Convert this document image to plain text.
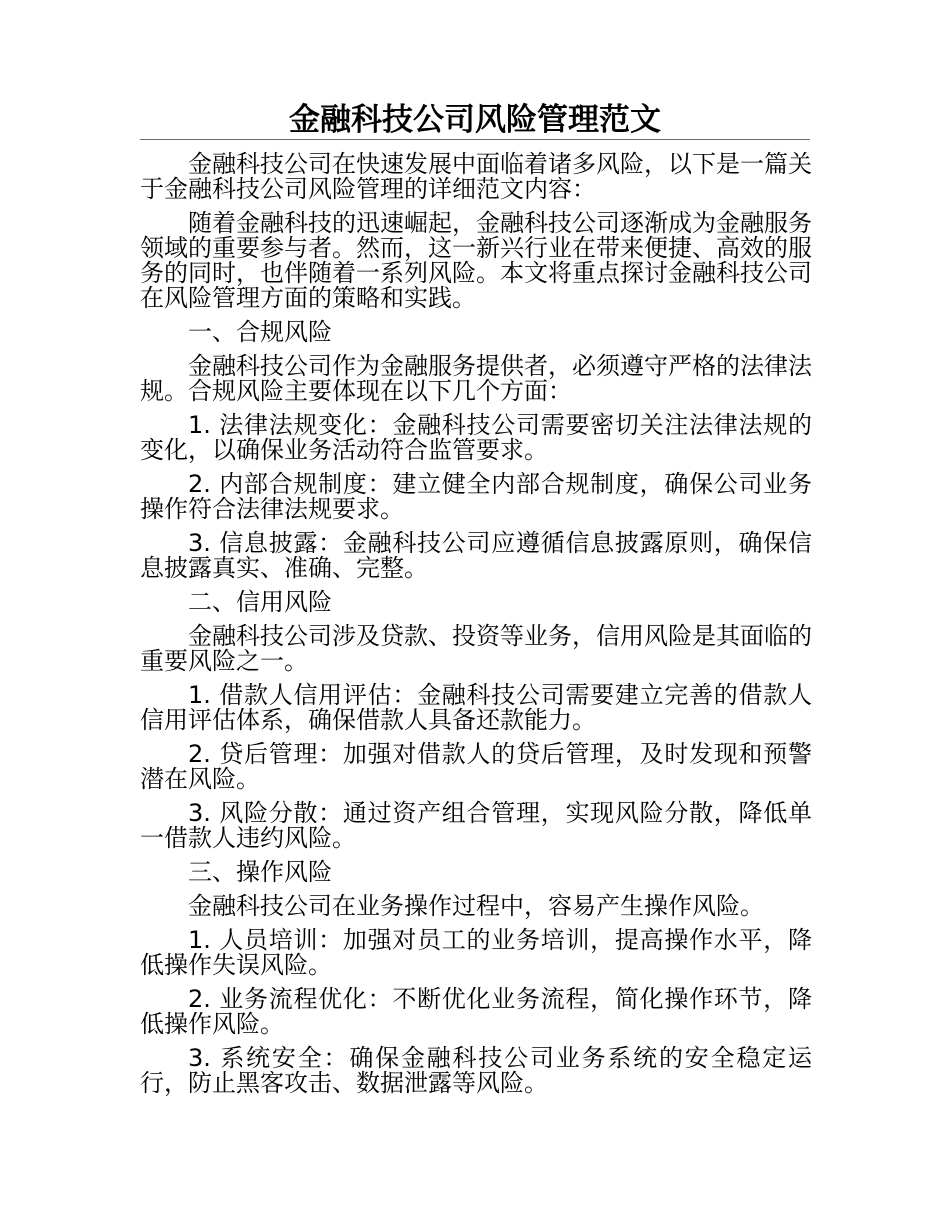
金融科技公司风险管理范文

金融科技公司在快速发展中面临着诸多风险，以下是一篇关于金融科技公司风险管理的详细范文内容：

随着金融科技的迅速崛起，金融科技公司逐渐成为金融服务领域的重要参与者。然而，这一新兴行业在带来便捷、高效的服务的同时，也伴随着一系列风险。本文将重点探讨金融科技公司在风险管理方面的策略和实践。

一、合规风险

金融科技公司作为金融服务提供者，必须遵守严格的法律法规。合规风险主要体现在以下几个方面：

1. 法律法规变化：金融科技公司需要密切关注法律法规的变化，以确保业务活动符合监管要求。

2. 内部合规制度：建立健全内部合规制度，确保公司业务操作符合法律法规要求。

3. 信息披露：金融科技公司应遵循信息披露原则，确保信息披露真实、准确、完整。

二、信用风险

金融科技公司涉及贷款、投资等业务，信用风险是其面临的重要风险之一。

1. 借款人信用评估：金融科技公司需要建立完善的借款人信用评估体系，确保借款人具备还款能力。

2. 贷后管理：加强对借款人的贷后管理，及时发现和预警潜在风险。

3. 风险分散：通过资产组合管理，实现风险分散，降低单一借款人违约风险。

三、操作风险

金融科技公司在业务操作过程中，容易产生操作风险。

1. 人员培训：加强对员工的业务培训，提高操作水平，降低操作失误风险。

2. 业务流程优化：不断优化业务流程，简化操作环节，降低操作风险。

3. 系统安全：确保金融科技公司业务系统的安全稳定运行，防止黑客攻击、数据泄露等风险。
